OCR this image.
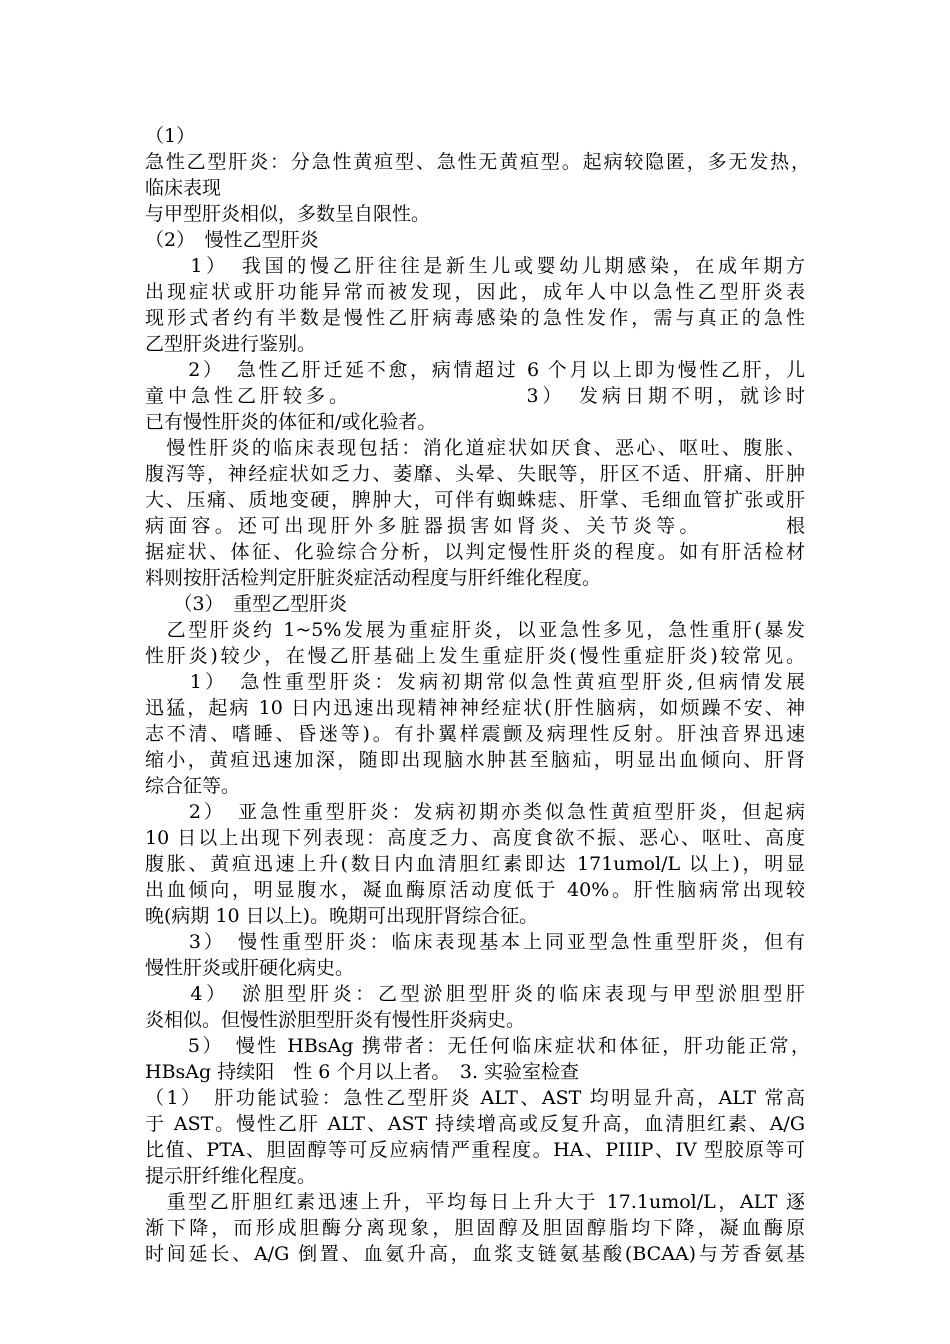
（1）

急性乙型肝炎：分急性黄疸型、急性无黄疸型。起病较隐匿，多无发热，

临床表现

与甲型肝炎相似，多数呈自限性。

（2）　慢性乙型肝炎

　　1）　我国的慢乙肝往往是新生儿或婴幼儿期感染，在成年期方

出现症状或肝功能异常而被发现，因此，成年人中以急性乙型肝炎表

现形式者约有半数是慢性乙肝病毒感染的急性发作，需与真正的急性

乙型肝炎进行鉴别。

　　2）　急性乙肝迁延不愈，病情超过 6 个月以上即为慢性乙肝，儿

童中急性乙肝较多。　　　　　　　　3）　发病日期不明，就诊时

已有慢性肝炎的体征和/或化验者。

　慢性肝炎的临床表现包括：消化道症状如厌食、恶心、呕吐、腹胀、

腹泻等，神经症状如乏力、萎靡、头晕、失眠等，肝区不适、肝痛、肝肿

大、压痛、质地变硬，脾肿大，可伴有蜘蛛痣、肝掌、毛细血管扩张或肝

病面容。还可出现肝外多脏器损害如肾炎、关节炎等。　　　　根

据症状、体征、化验综合分析，以判定慢性肝炎的程度。如有肝活检材

料则按肝活检判定肝脏炎症活动程度与肝纤维化程度。

　　（3）　重型乙型肝炎

　乙型肝炎约 1~5%发展为重症肝炎，以亚急性多见，急性重肝(暴发

性肝炎)较少，在慢乙肝基础上发生重症肝炎(慢性重症肝炎)较常见。

　　1）　急性重型肝炎：发病初期常似急性黄疸型肝炎,但病情发展

迅猛，起病 10 日内迅速出现精神神经症状(肝性脑病，如烦躁不安、神

志不清、嗜睡、昏迷等)。有扑翼样震颤及病理性反射。肝浊音界迅速

缩小，黄疸迅速加深，随即出现脑水肿甚至脑疝，明显出血倾向、肝肾

综合征等。

　　2）　亚急性重型肝炎：发病初期亦类似急性黄疸型肝炎，但起病

10 日以上出现下列表现：高度乏力、高度食欲不振、恶心、呕吐、高度

腹胀、黄疸迅速上升(数日内血清胆红素即达 171umol/L 以上)，明显

出血倾向，明显腹水，凝血酶原活动度低于 40%。肝性脑病常出现较

晚(病期 10 日以上)。晚期可出现肝肾综合征。

　　3）　慢性重型肝炎：临床表现基本上同亚型急性重型肝炎，但有

慢性肝炎或肝硬化病史。

　　4）　淤胆型肝炎：乙型淤胆型肝炎的临床表现与甲型淤胆型肝

炎相似。但慢性淤胆型肝炎有慢性肝炎病史。

　　5）　慢性 HBsAg 携带者：无任何临床症状和体征，肝功能正常，

HBsAg 持续阳　性 6 个月以上者。　3. 实验室检查

（1）　肝功能试验：急性乙型肝炎 ALT、AST 均明显升高，ALT 常高

于 AST。慢性乙肝 ALT、AST 持续增高或反复升高，血清胆红素、A/G

比值、PTA、胆固醇等可反应病情严重程度。HA、PIIIP、IV 型胶原等可

提示肝纤维化程度。

　重型乙肝胆红素迅速上升，平均每日上升大于 17.1umol/L，ALT 逐

渐下降，而形成胆酶分离现象，胆固醇及胆固醇脂均下降，凝血酶原

时间延长、A/G 倒置、血氨升高，血浆支链氨基酸(BCAA)与芳香氨基
